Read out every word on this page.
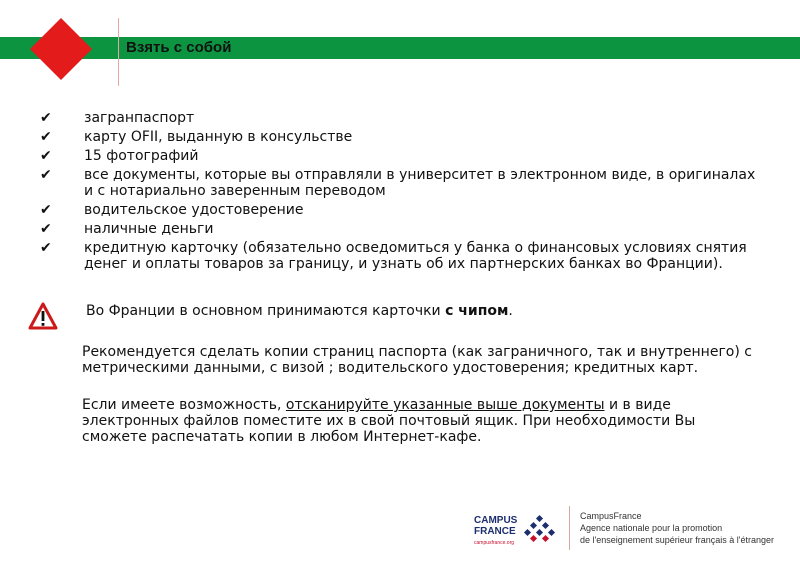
Взять с собой
✔ загранпаспорт
✔ карту OFII, выданную в консульстве
✔ 15 фотографий
✔ все документы, которые вы отправляли в университет в электронном виде, в оригиналах и с нотариально заверенным переводом
✔ водительское удостоверение
✔ наличные деньги
✔ кредитную карточку (обязательно осведомиться у банка о финансовых условиях снятия денег и оплаты товаров за границу, и узнать об их партнерских банках во Франции).
Во Франции в основном принимаются карточки с чипом.

Рекомендуется сделать копии страниц паспорта (как заграничного, так и внутреннего) с метрическими данными, с визой ; водительского удостоверения; кредитных карт.

Если имеете возможность, отсканируйте указанные выше документы и в виде электронных файлов поместите их в свой почтовый ящик. При необходимости Вы сможете распечатать копии в любом Интернет-кафе.

CAMPUS
FRANCE
campusfrance.org
CampusFrance
Agence nationale pour la promotion
de l'enseignement supérieur français à l'étranger
